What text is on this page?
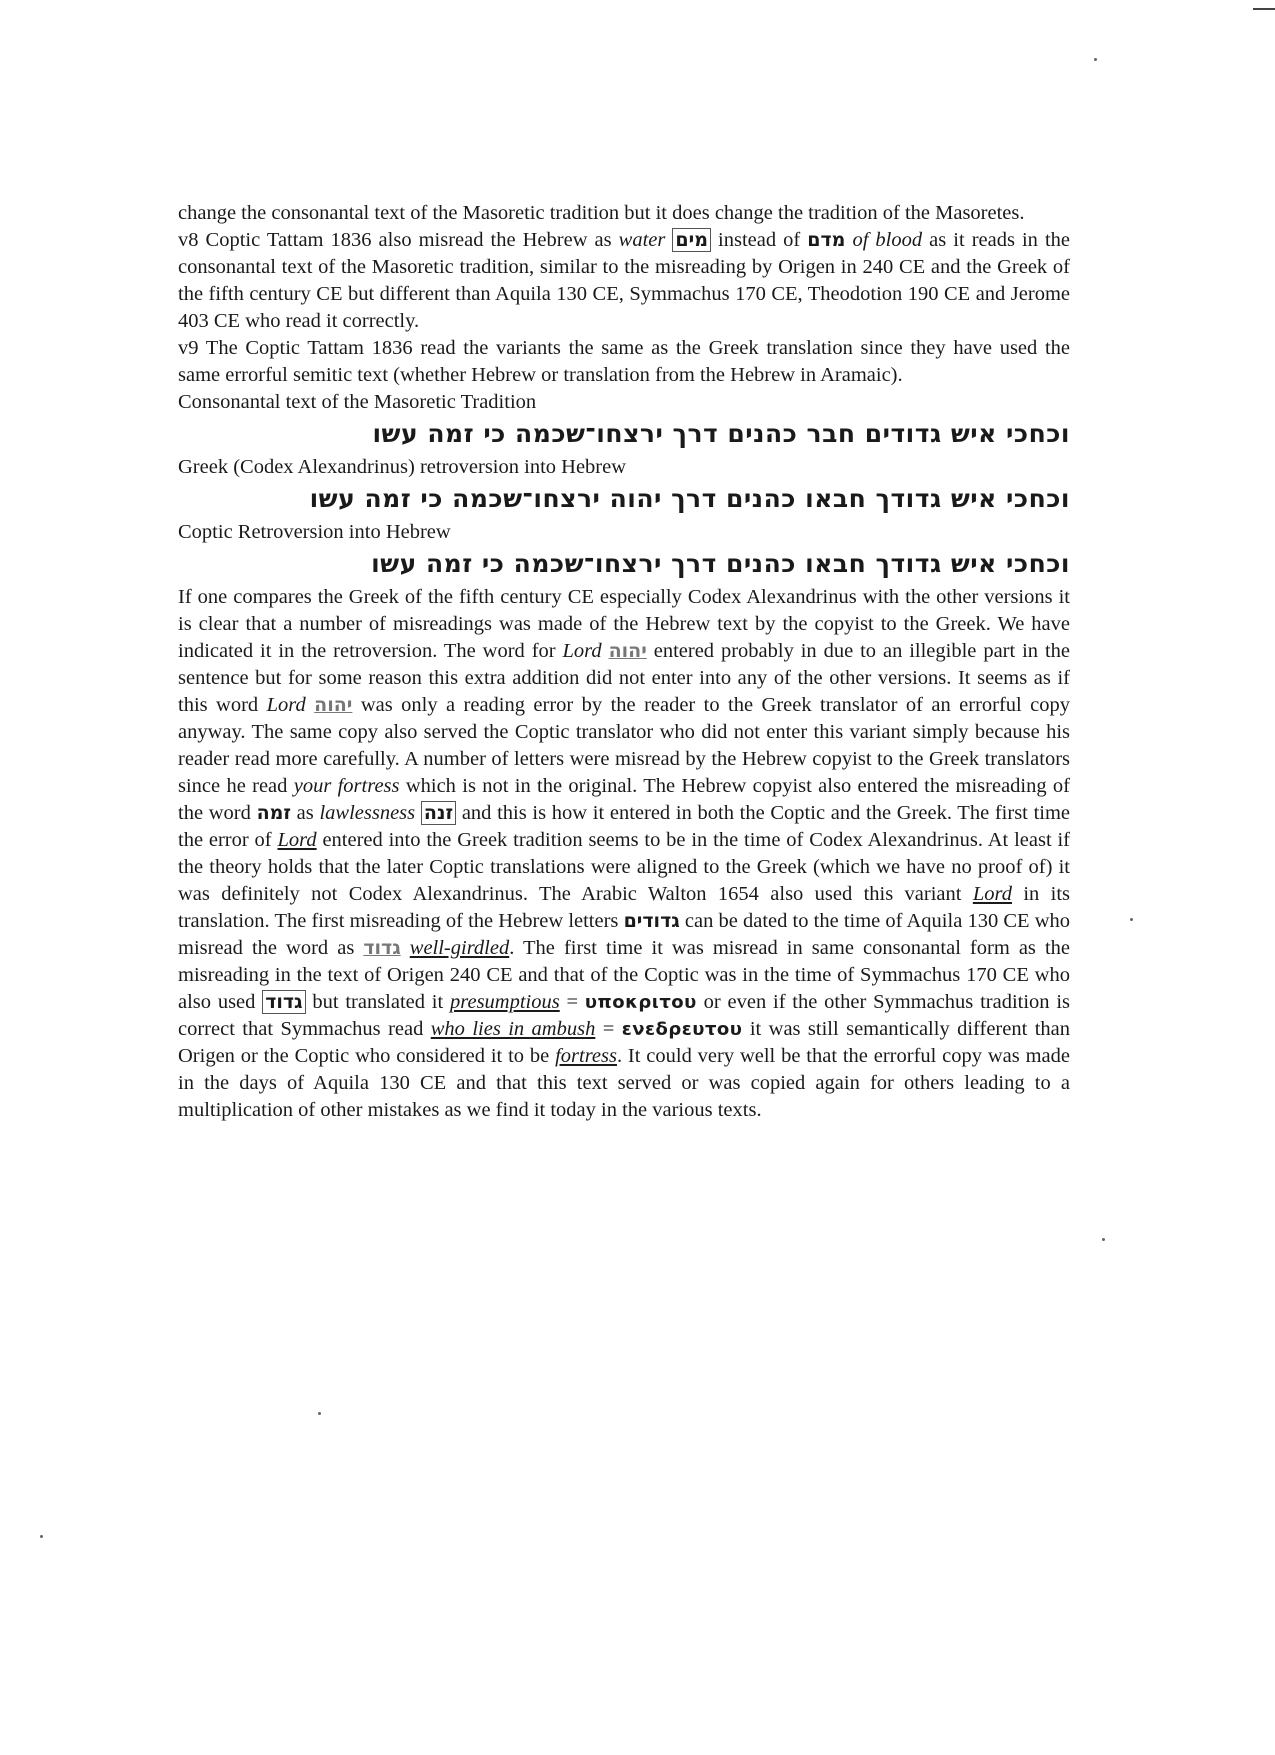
change the consonantal text of the Masoretic tradition but it does change the tradition of the Masoretes.

v8 Coptic Tattam 1836 also misread the Hebrew as water מים instead of מדם of blood as it reads in the consonantal text of the Masoretic tradition, similar to the misreading by Origen in 240 CE and the Greek of the fifth century CE but different than Aquila 130 CE, Symmachus 170 CE, Theodotion 190 CE and Jerome 403 CE who read it correctly.

v9 The Coptic Tattam 1836 read the variants the same as the Greek translation since they have used the same errorful semitic text (whether Hebrew or translation from the Hebrew in Aramaic).

Consonantal text of the Masoretic Tradition

וכחכי איש גדודים חבר כהנים דרך ירצחו־שכמה כי זמה עשו

Greek (Codex Alexandrinus) retroversion into Hebrew

וכחכי איש גדודך חבאו כהנים דרך יהוה ירצחו־שכמה כי זמה עשו

Coptic Retroversion into Hebrew

וכחכי איש גדודך חבאו כהנים דרך ירצחו־שכמה כי זמה עשו

If one compares the Greek of the fifth century CE especially Codex Alexandrinus with the other versions it is clear that a number of misreadings was made of the Hebrew text by the copyist to the Greek. We have indicated it in the retroversion. The word for Lord יהוה entered probably in due to an illegible part in the sentence but for some reason this extra addition did not enter into any of the other versions. It seems as if this word Lord יהוה was only a reading error by the reader to the Greek translator of an errorful copy anyway. The same copy also served the Coptic translator who did not enter this variant simply because his reader read more carefully. A number of letters were misread by the Hebrew copyist to the Greek translators since he read your fortress which is not in the original. The Hebrew copyist also entered the misreading of the word זמה as lawlessness זנה and this is how it entered in both the Coptic and the Greek. The first time the error of Lord entered into the Greek tradition seems to be in the time of Codex Alexandrinus. At least if the theory holds that the later Coptic translations were aligned to the Greek (which we have no proof of) it was definitely not Codex Alexandrinus. The Arabic Walton 1654 also used this variant Lord in its translation. The first misreading of the Hebrew letters גדודים can be dated to the time of Aquila 130 CE who misread the word as גדוד well-girdled. The first time it was misread in same consonantal form as the misreading in the text of Origen 240 CE and that of the Coptic was in the time of Symmachus 170 CE who also used גדוד but translated it presumptious = υποκριτου or even if the other Symmachus tradition is correct that Symmachus read who lies in ambush = ενεδρευτου it was still semantically different than Origen or the Coptic who considered it to be fortress. It could very well be that the errorful copy was made in the days of Aquila 130 CE and that this text served or was copied again for others leading to a multiplication of other mistakes as we find it today in the various texts.
